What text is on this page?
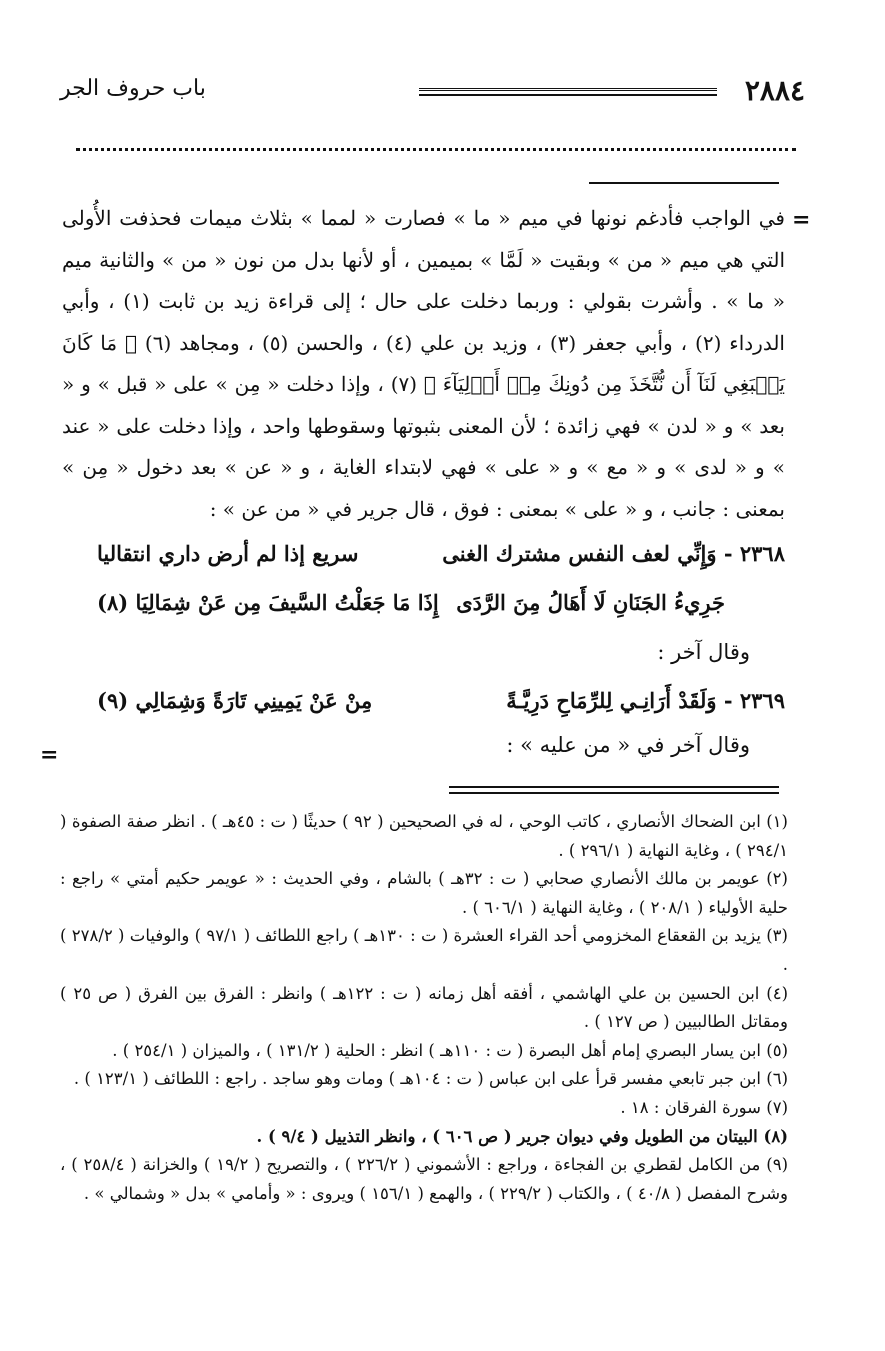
٢٨٨٤
باب حروف الجر
=

في الواجب فأدغم نونها في ميم « ما » فصارت « لمما » بثلاث ميمات فحذفت الأُولى التي هي ميم « من » وبقيت « لَمَّا » بميمين ، أو لأنها بدل من نون « من » والثانية ميم « ما » . وأشرت بقولي : وربما دخلت على حال ؛ إلى قراءة زيد بن ثابت (١) ، وأبي الدرداء (٢) ، وأبي جعفر (٣) ، وزيد بن علي (٤) ، والحسن (٥) ، ومجاهد (٦) ﴿ مَا كَانَ يَنۢبَغِي لَنَآ أَن نُّتَّخَذَ مِن دُونِكَ مِنۡ أَوۡلِيَآءَ ﴾ (٧) ، وإذا دخلت « مِن » على « قبل » و « بعد » و « لدن » فهي زائدة ؛ لأن المعنى بثبوتها وسقوطها واحد ، وإذا دخلت على « عند » و « لدى » و « مع » و « على » فهي لابتداء الغاية ، و « عن » بعد دخول « مِن » بمعنى : جانب ، و « على » بمعنى : فوق ، قال جرير في « من عن » :

٢٣٦٨ - وَإِنِّي لعف النفس مشترك الغنى
سريع إذا لم أرض داري انتقاليا
جَرِيءُ الجَنَانِ لَا أَهَالُ مِنَ الرَّدَى
إِذَا مَا جَعَلْتُ السَّيفَ مِن عَنْ شِمَالِيَا (٨)
وقال آخر :
٢٣٦٩ - وَلَقَدْ أَرَانِـي لِلرِّمَاحِ دَرِيَّـةً
مِنْ عَنْ يَمِينِي تَارَةً وَشِمَالِي (٩)
وقال آخر في « من عليه » :
=

(١) ابن الضحاك الأنصاري ، كاتب الوحي ، له في الصحيحين ( ٩٢ ) حديثًا ( ت : ٤٥هـ ) . انظر صفة الصفوة ( ٢٩٤/١ ) ، وغاية النهاية ( ٢٩٦/١ ) .

(٢) عويمر بن مالك الأنصاري صحابي ( ت : ٣٢هـ ) بالشام ، وفي الحديث : « عويمر حكيم أمتي » راجع : حلية الأولياء ( ٢٠٨/١ ) ، وغاية النهاية ( ٦٠٦/١ ) .

(٣) يزيد بن القعقاع المخزومي أحد القراء العشرة ( ت : ١٣٠هـ ) راجع اللطائف ( ٩٧/١ ) والوفيات ( ٢٧٨/٢ ) .

(٤) ابن الحسين بن علي الهاشمي ، أفقه أهل زمانه ( ت : ١٢٢هـ ) وانظر : الفرق بين الفرق ( ص ٢٥ ) ومقاتل الطالبيين ( ص ١٢٧ ) .

(٥) ابن يسار البصري إمام أهل البصرة ( ت : ١١٠هـ ) انظر : الحلية ( ١٣١/٢ ) ، والميزان ( ٢٥٤/١ ) .

(٦) ابن جبر تابعي مفسر قرأ على ابن عباس ( ت : ١٠٤هـ ) ومات وهو ساجد . راجع : اللطائف ( ١٢٣/١ ) .

(٧) سورة الفرقان : ١٨ .

(٨) البيتان من الطويل وفي ديوان جرير ( ص ٦٠٦ ) ، وانظر التذييل ( ٩/٤ ) .

(٩) من الكامل لقطري بن الفجاءة ، وراجع : الأشموني ( ٢٢٦/٢ ) ، والتصريح ( ١٩/٢ ) والخزانة ( ٢٥٨/٤ ) ، وشرح المفصل ( ٤٠/٨ ) ، والكتاب ( ٢٢٩/٢ ) ، والهمع ( ١٥٦/١ ) ويروى : « وأمامي » بدل « وشمالي » .
